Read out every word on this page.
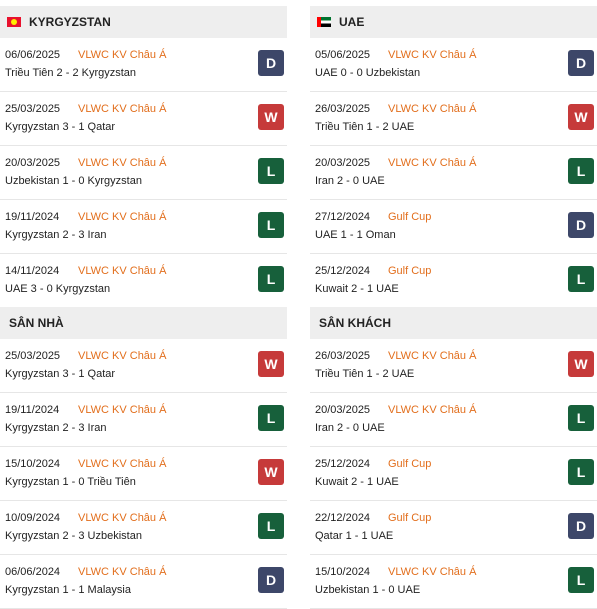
KYRGYZSTAN
06/06/2025 VLWC KV Châu Á
Triều Tiên 2 - 2 Kyrgyzstan
D
25/03/2025 VLWC KV Châu Á
Kyrgyzstan 3 - 1 Qatar
W
20/03/2025 VLWC KV Châu Á
Uzbekistan 1 - 0 Kyrgyzstan
L
19/11/2024 VLWC KV Châu Á
Kyrgyzstan 2 - 3 Iran
L
14/11/2024 VLWC KV Châu Á
UAE 3 - 0 Kyrgyzstan
L
UAE
05/06/2025 VLWC KV Châu Á
UAE 0 - 0 Uzbekistan
D
26/03/2025 VLWC KV Châu Á
Triều Tiên 1 - 2 UAE
W
20/03/2025 VLWC KV Châu Á
Iran 2 - 0 UAE
L
27/12/2024 Gulf Cup
UAE 1 - 1 Oman
D
25/12/2024 Gulf Cup
Kuwait 2 - 1 UAE
L
SÂN NHÀ
25/03/2025 VLWC KV Châu Á
Kyrgyzstan 3 - 1 Qatar
W
19/11/2024 VLWC KV Châu Á
Kyrgyzstan 2 - 3 Iran
L
15/10/2024 VLWC KV Châu Á
Kyrgyzstan 1 - 0 Triều Tiên
W
10/09/2024 VLWC KV Châu Á
Kyrgyzstan 2 - 3 Uzbekistan
L
06/06/2024 VLWC KV Châu Á
Kyrgyzstan 1 - 1 Malaysia
D
SÂN KHÁCH
26/03/2025 VLWC KV Châu Á
Triều Tiên 1 - 2 UAE
W
20/03/2025 VLWC KV Châu Á
Iran 2 - 0 UAE
L
25/12/2024 Gulf Cup
Kuwait 2 - 1 UAE
L
22/12/2024 Gulf Cup
Qatar 1 - 1 UAE
D
15/10/2024 VLWC KV Châu Á
Uzbekistan 1 - 0 UAE
L
